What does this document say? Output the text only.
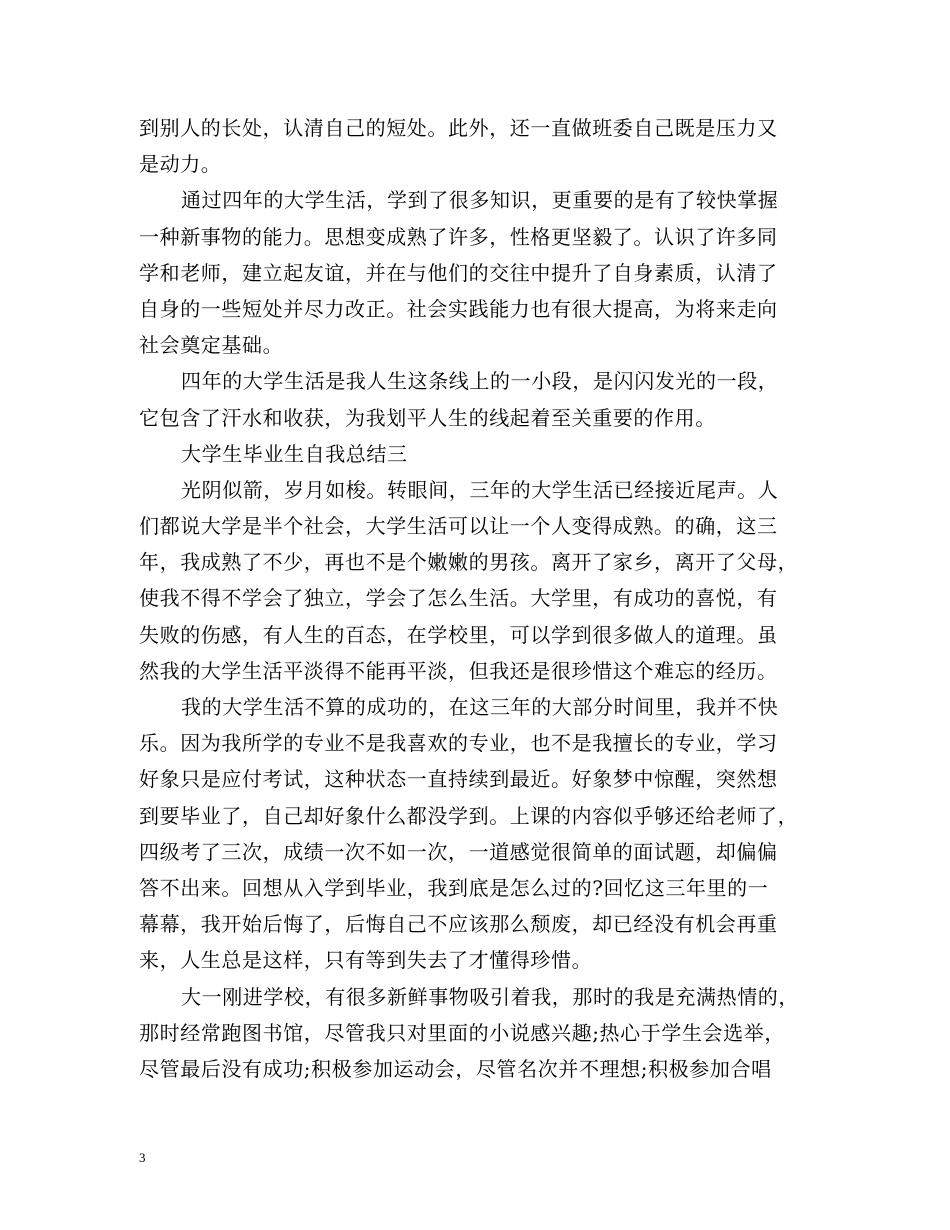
到别人的长处，认清自己的短处。此外，还一直做班委自己既是压力又
是动力。
通过四年的大学生活，学到了很多知识，更重要的是有了较快掌握
一种新事物的能力。思想变成熟了许多，性格更坚毅了。认识了许多同
学和老师，建立起友谊，并在与他们的交往中提升了自身素质，认清了
自身的一些短处并尽力改正。社会实践能力也有很大提高，为将来走向
社会奠定基础。
四年的大学生活是我人生这条线上的一小段，是闪闪发光的一段，
它包含了汗水和收获，为我划平人生的线起着至关重要的作用。
大学生毕业生自我总结三
光阴似箭，岁月如梭。转眼间，三年的大学生活已经接近尾声。人
们都说大学是半个社会，大学生活可以让一个人变得成熟。的确，这三
年，我成熟了不少，再也不是个嫩嫩的男孩。离开了家乡，离开了父母，
使我不得不学会了独立，学会了怎么生活。大学里，有成功的喜悦，有
失败的伤感，有人生的百态，在学校里，可以学到很多做人的道理。虽
然我的大学生活平淡得不能再平淡，但我还是很珍惜这个难忘的经历。
我的大学生活不算的成功的，在这三年的大部分时间里，我并不快
乐。因为我所学的专业不是我喜欢的专业，也不是我擅长的专业，学习
好象只是应付考试，这种状态一直持续到最近。好象梦中惊醒，突然想
到要毕业了，自己却好象什么都没学到。上课的内容似乎够还给老师了，
四级考了三次，成绩一次不如一次，一道感觉很简单的面试题，却偏偏
答不出来。回想从入学到毕业，我到底是怎么过的?回忆这三年里的一
幕幕，我开始后悔了，后悔自己不应该那么颓废，却已经没有机会再重
来，人生总是这样，只有等到失去了才懂得珍惜。
大一刚进学校，有很多新鲜事物吸引着我，那时的我是充满热情的，
那时经常跑图书馆，尽管我只对里面的小说感兴趣;热心于学生会选举，
尽管最后没有成功;积极参加运动会，尽管名次并不理想;积极参加合唱
3
